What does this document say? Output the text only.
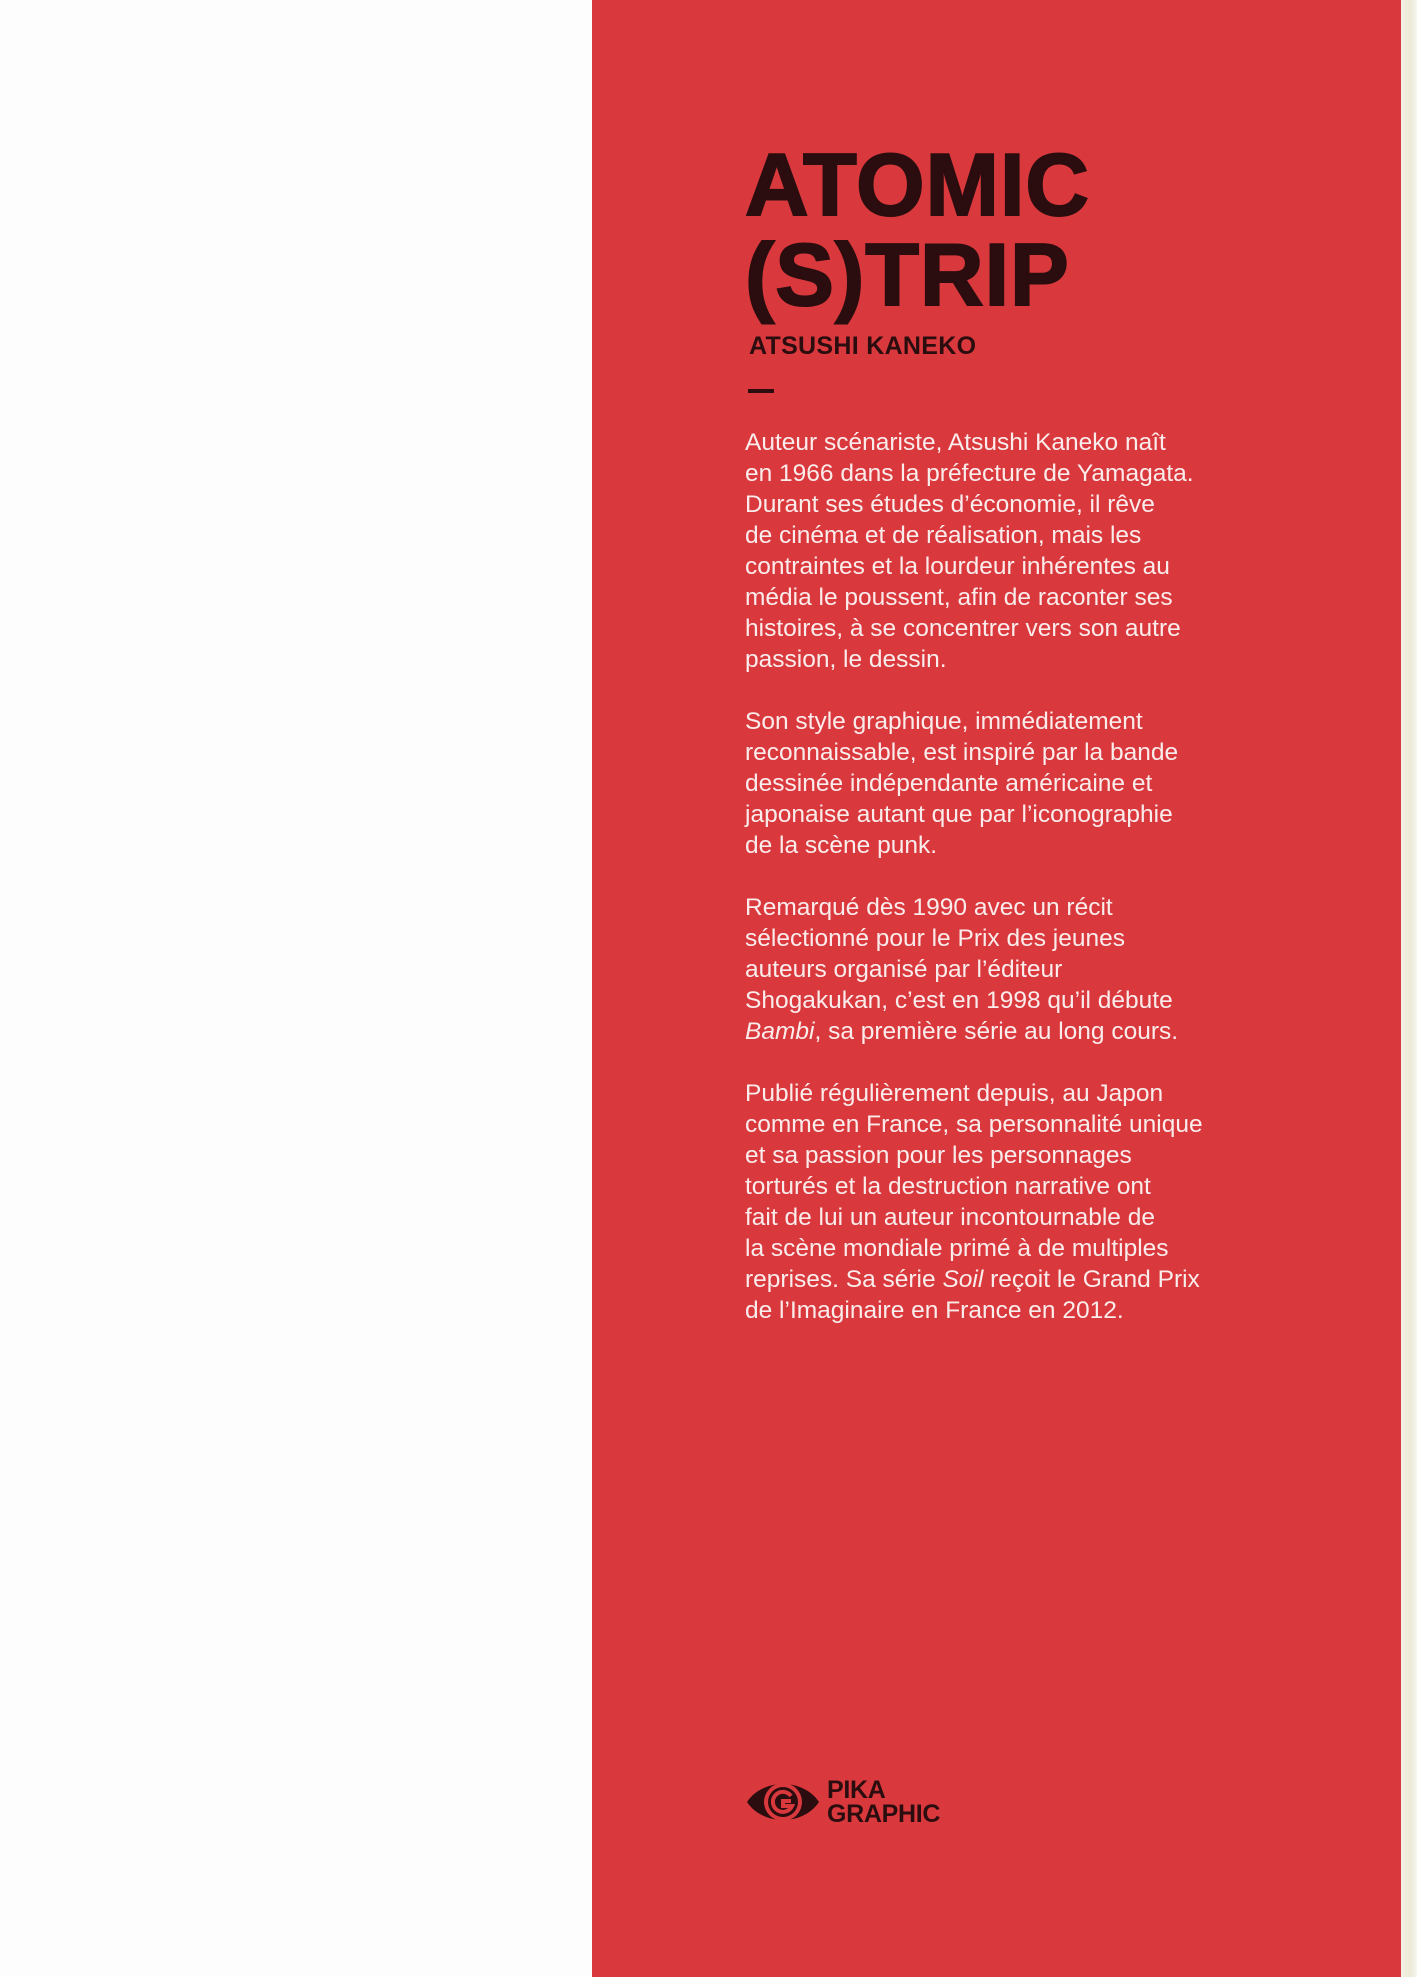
ATOMIC
(S)TRIP
ATSUSHI KANEKO

Auteur scénariste, Atsushi Kaneko naît
en 1966 dans la préfecture de Yamagata.
Durant ses études d’économie, il rêve
de cinéma et de réalisation, mais les
contraintes et la lourdeur inhérentes au
média le poussent, afin de raconter ses
histoires, à se concentrer vers son autre
passion, le dessin.

Son style graphique, immédiatement
reconnaissable, est inspiré par la bande
dessinée indépendante américaine et
japonaise autant que par l’iconographie
de la scène punk.

Remarqué dès 1990 avec un récit
sélectionné pour le Prix des jeunes
auteurs organisé par l’éditeur
Shogakukan, c’est en 1998 qu’il débute
Bambi, sa première série au long cours.

Publié régulièrement depuis, au Japon
comme en France, sa personnalité unique
et sa passion pour les personnages
torturés et la destruction narrative ont
fait de lui un auteur incontournable de
la scène mondiale primé à de multiples
reprises. Sa série Soil reçoit le Grand Prix
de l’Imaginaire en France en 2012.

PIKA
GRAPHIC
